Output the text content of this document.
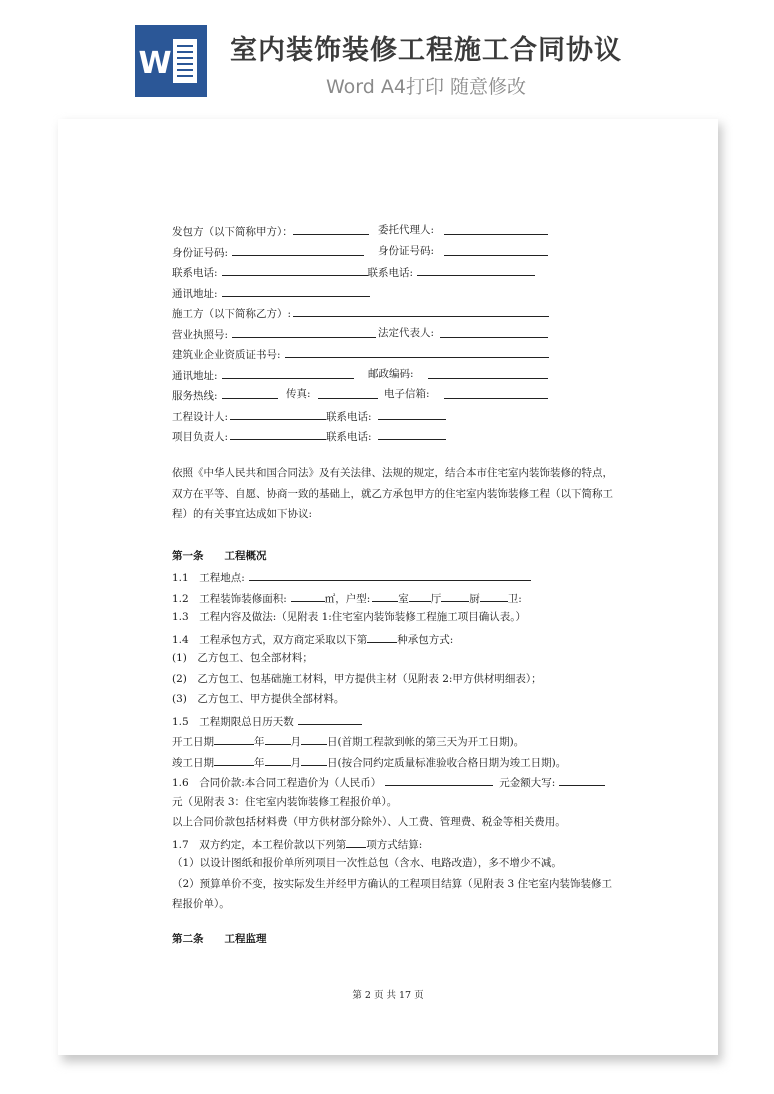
W 室内装饰装修工程施工合同协议
Word A4打印 随意修改
发包方（以下简称甲方）：	委托代理人:
身份证号码:	身份证号码:
联系电话:	联系电话:
通讯地址:
施工方（以下简称乙方）:
营业执照号:	法定代表人:
建筑业企业资质证书号:
通讯地址:	邮政编码:
服务热线:	传真:	电子信箱:
工程设计人:	联系电话:
项目负责人:	联系电话:
依照《中华人民共和国合同法》及有关法律、法规的规定，结合本市住宅室内装饰装修的特点，
双方在平等、自愿、协商一致的基础上，就乙方承包甲方的住宅室内装饰装修工程（以下简称工
程）的有关事宜达成如下协议:
第一条　　工程概况
1.1　工程地点:
1.2　工程装饰装修面积:	㎡，户型:	室 厅	厨	卫:
1.3　工程内容及做法:（见附表 1:住宅室内装饰装修工程施工项目确认表。）
1.4　工程承包方式，双方商定采取以下第	种承包方式:
(1)　乙方包工、包全部材料；
(2)　乙方包工、包基础施工材料，甲方提供主材（见附表 2:甲方供材明细表）；
(3)　乙方包工、甲方提供全部材料。
1.5　工程期限总日历天数
开工日期	年 月 日(首期工程款到帐的第三天为开工日期)。
竣工日期	年 月 日(按合同约定质量标准验收合格日期为竣工日期)。
1.6　合同价款:本合同工程造价为（人民币）	元金额大写:
元（见附表 3：住宅室内装饰装修工程报价单）。
以上合同价款包括材料费（甲方供材部分除外）、人工费、管理费、税金等相关费用。
1.7　双方约定，本工程价款以下列第 项方式结算:
（1）以设计图纸和报价单所列项目一次性总包（含水、电路改造），多不增少不减。
（2）预算单价不变，按实际发生并经甲方确认的工程项目结算（见附表 3 住宅室内装饰装修工
程报价单）。
第二条　　工程监理
第 2 页 共 17 页
